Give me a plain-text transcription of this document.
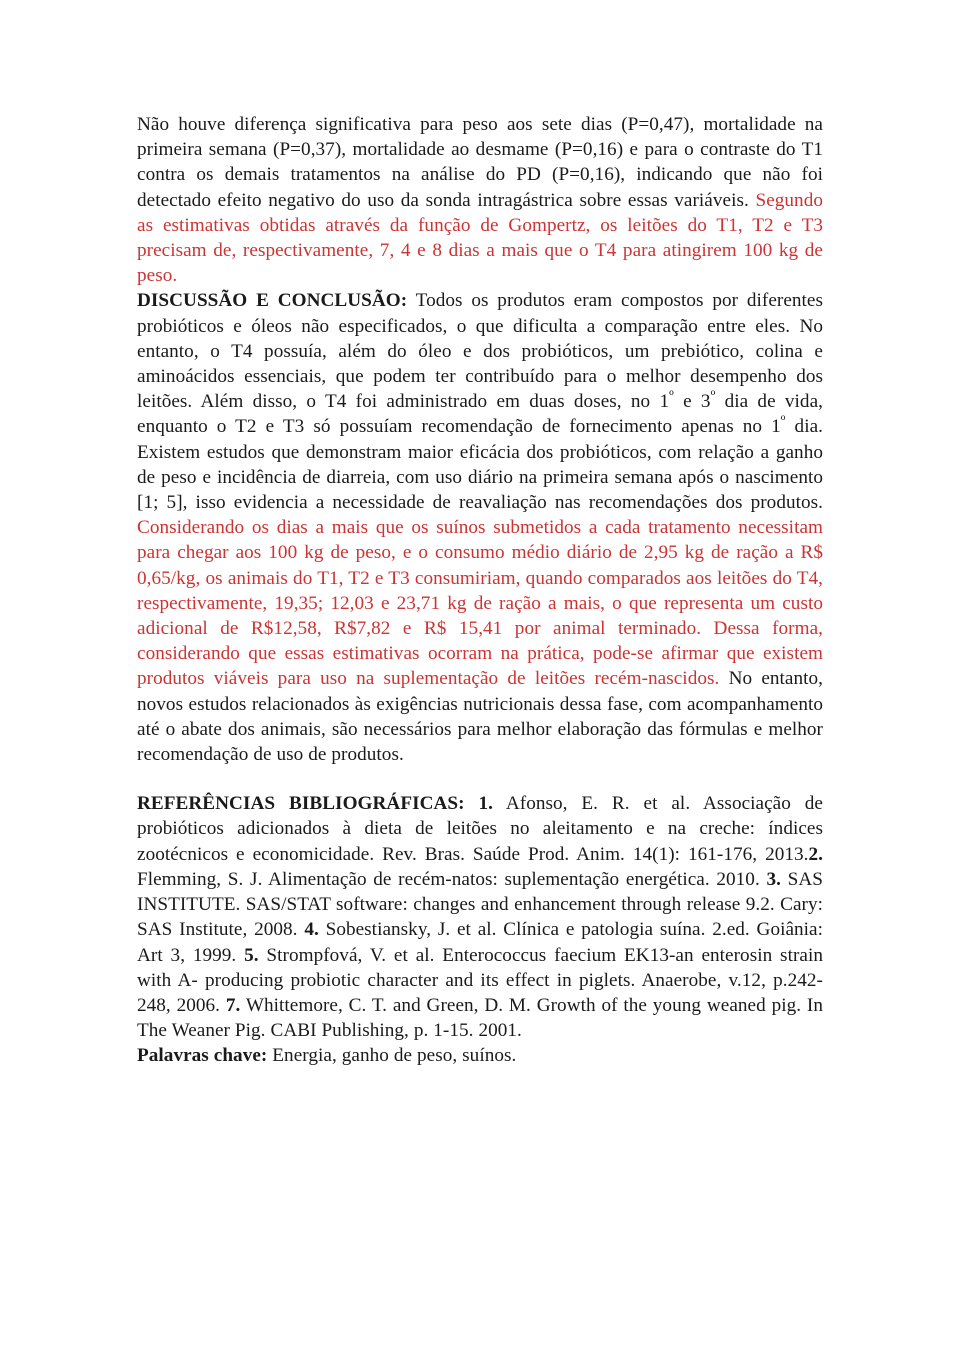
Não houve diferença significativa para peso aos sete dias (P=0,47), mortalidade na primeira semana (P=0,37), mortalidade ao desmame (P=0,16) e para o contraste do T1 contra os demais tratamentos na análise do PD (P=0,16), indicando que não foi detectado efeito negativo do uso da sonda intragástrica sobre essas variáveis. Segundo as estimativas obtidas através da função de Gompertz, os leitões do T1, T2 e T3 precisam de, respectivamente, 7, 4 e 8 dias a mais que o T4 para atingirem 100 kg de peso.

DISCUSSÃO E CONCLUSÃO: Todos os produtos eram compostos por diferentes probióticos e óleos não especificados, o que dificulta a comparação entre eles. No entanto, o T4 possuía, além do óleo e dos probióticos, um prebiótico, colina e aminoácidos essenciais, que podem ter contribuído para o melhor desempenho dos leitões. Além disso, o T4 foi administrado em duas doses, no $1^º$ e $3^º$ dia de vida, enquanto o T2 e T3 só possuíam recomendação de fornecimento apenas no $1^º$ dia. Existem estudos que demonstram maior eficácia dos probióticos, com relação a ganho de peso e incidência de diarreia, com uso diário na primeira semana após o nascimento [1; 5], isso evidencia a necessidade de reavaliação nas recomendações dos produtos. Considerando os dias a mais que os suínos submetidos a cada tratamento necessitam para chegar aos 100 kg de peso, e o consumo médio diário de 2,95 kg de ração a R$ 0,65/kg, os animais do T1, T2 e T3 consumiriam, quando comparados aos leitões do T4, respectivamente, 19,35; 12,03 e 23,71 kg de ração a mais, o que representa um custo adicional de R$12,58, R$7,82 e R$ 15,41 por animal terminado. Dessa forma, considerando que essas estimativas ocorram na prática, pode-se afirmar que existem produtos viáveis para uso na suplementação de leitões recém-nascidos. No entanto, novos estudos relacionados às exigências nutricionais dessa fase, com acompanhamento até o abate dos animais, são necessários para melhor elaboração das fórmulas e melhor recomendação de uso de produtos.

REFERÊNCIAS BIBLIOGRÁFICAS: 1. Afonso, E. R. et al. Associação de probióticos adicionados à dieta de leitões no aleitamento e na creche: índices zootécnicos e economicidade. Rev. Bras. Saúde Prod. Anim. 14(1): 161-176, 2013.2. Flemming, S. J. Alimentação de recém-natos: suplementação energética. 2010. 3. SAS INSTITUTE. SAS/STAT software: changes and enhancement through release 9.2. Cary: SAS Institute, 2008. 4. Sobestiansky, J. et al. Clínica e patologia suína. 2.ed. Goiânia: Art 3, 1999. 5. Strompfová, V. et al. Enterococcus faecium EK13-an enterosin strain with A- producing probiotic character and its effect in piglets. Anaerobe, v.12, p.242-248, 2006. 7. Whittemore, C. T. and Green, D. M. Growth of the young weaned pig. In The Weaner Pig. CABI Publishing, p. 1-15. 2001.

Palavras chave: Energia, ganho de peso, suínos.
